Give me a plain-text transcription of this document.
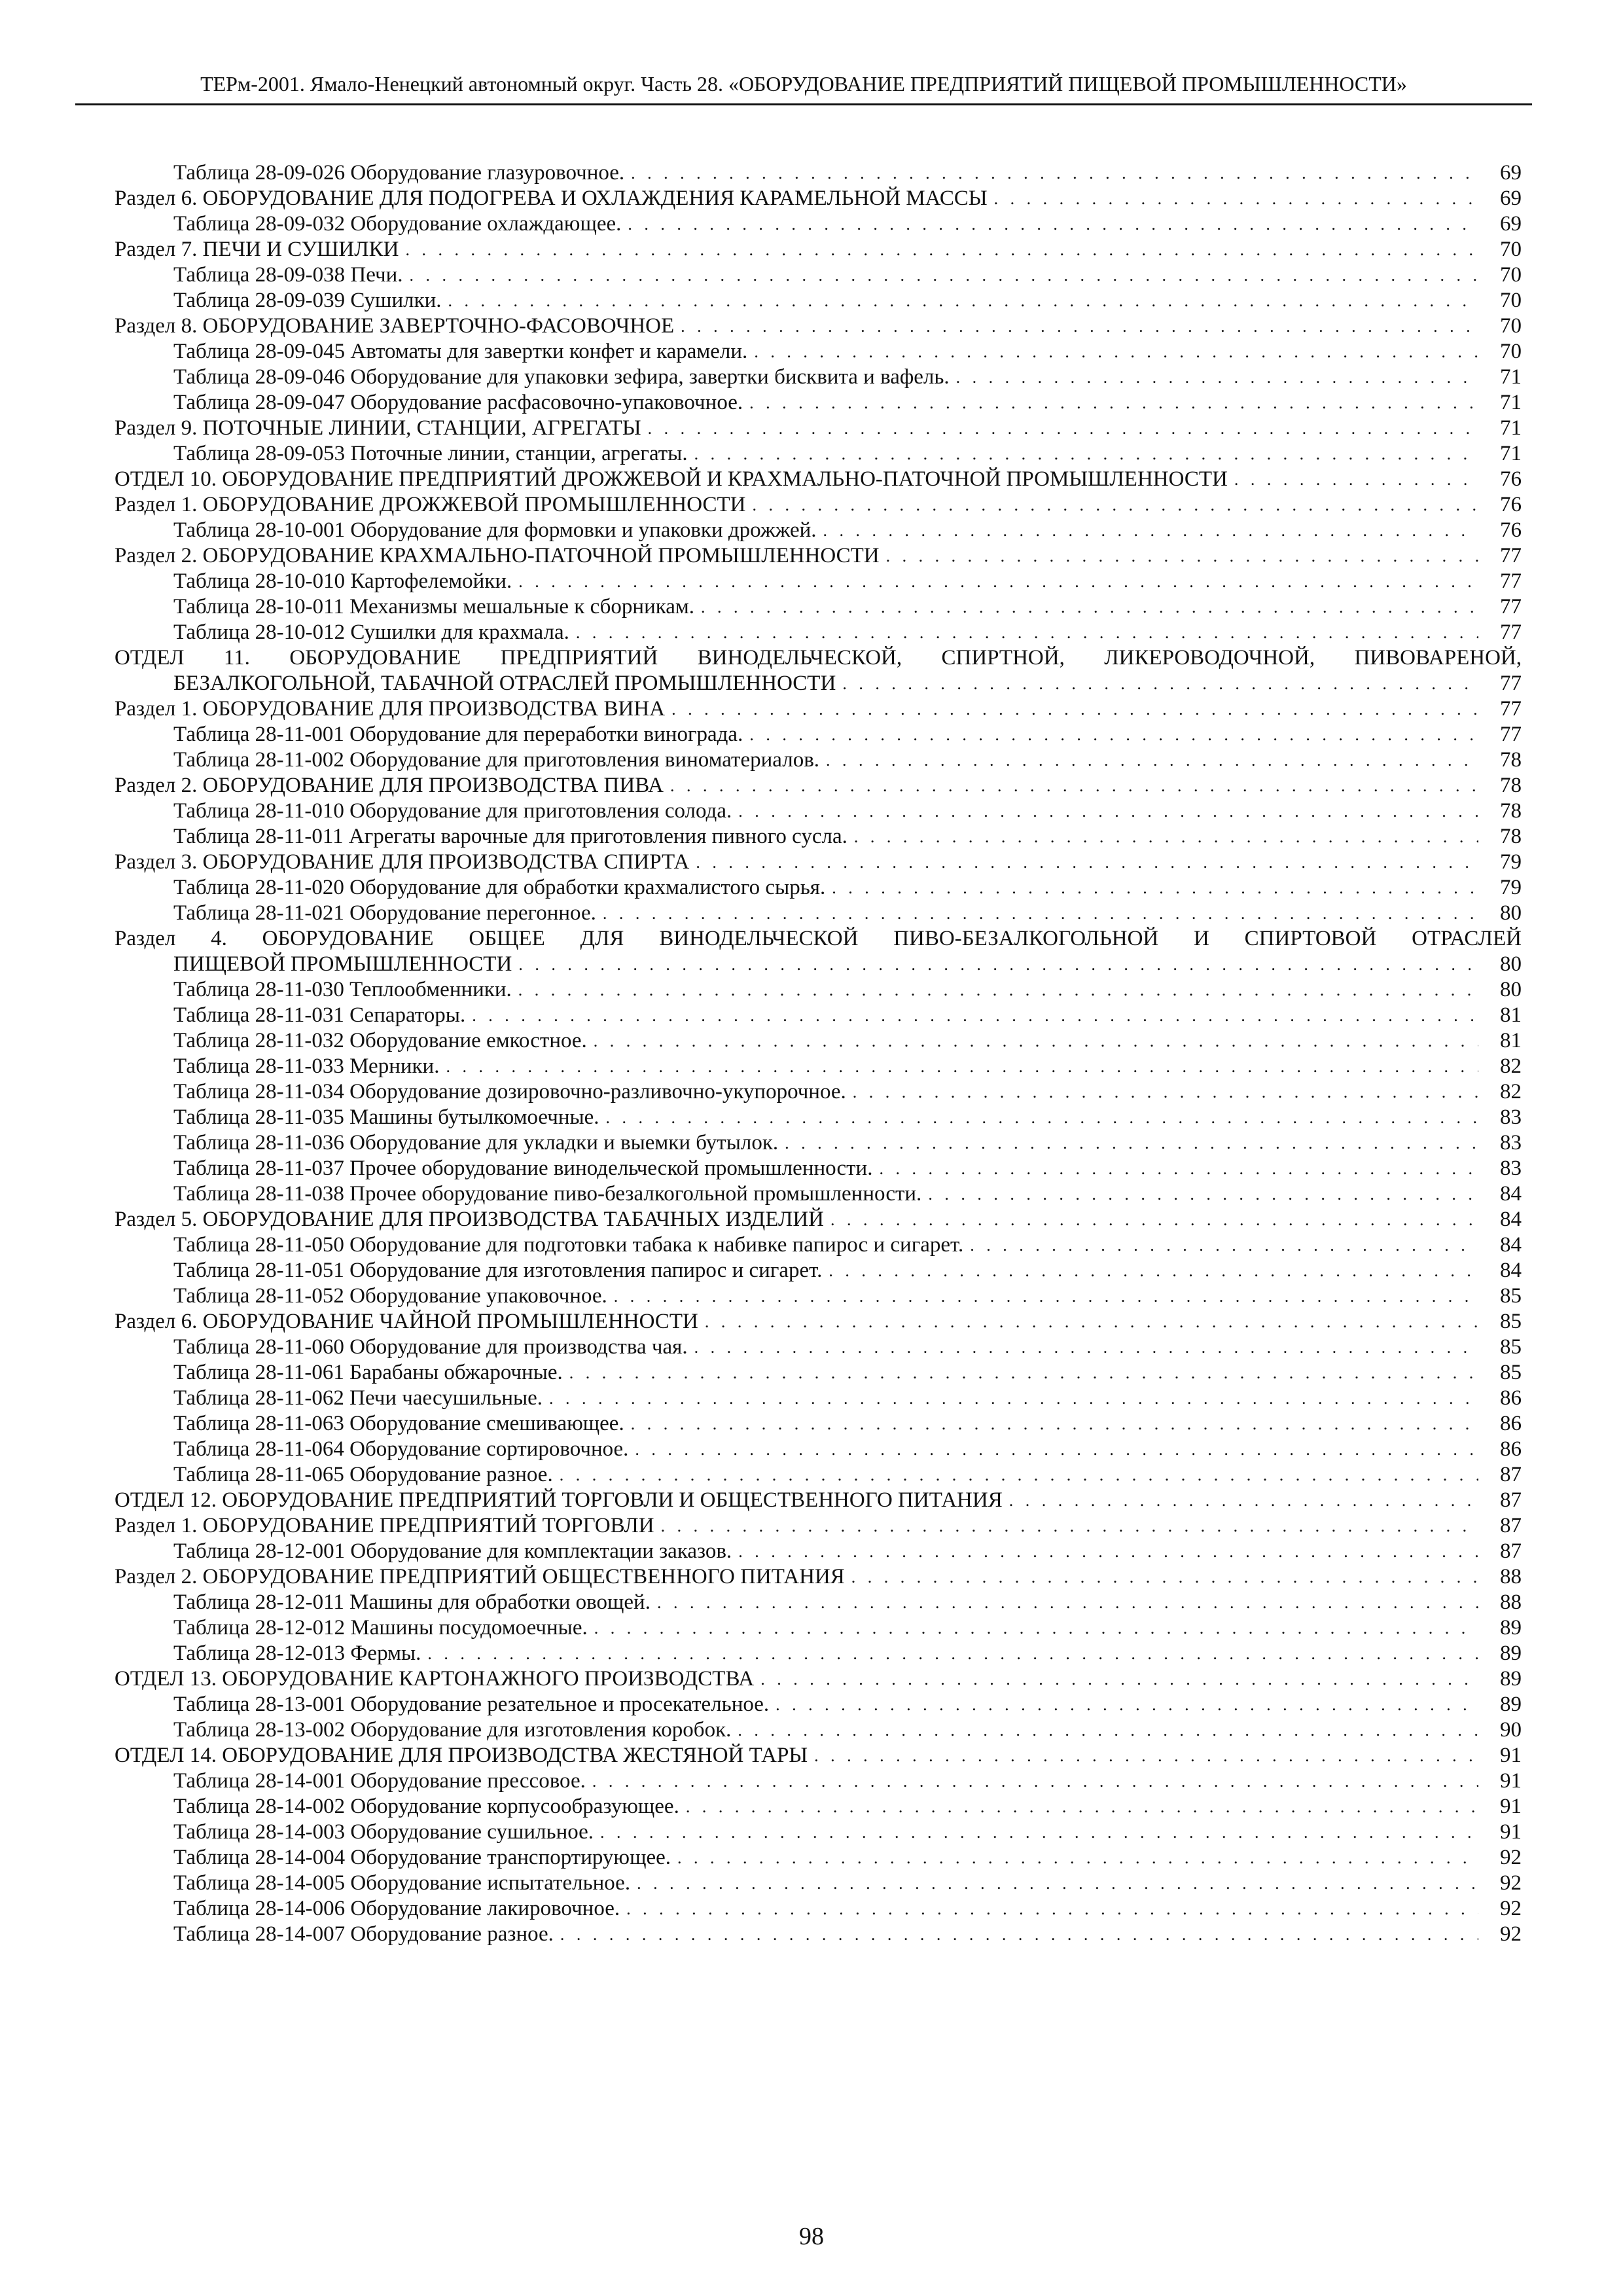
ТЕРм-2001. Ямало-Ненецкий автономный округ. Часть 28. «ОБОРУДОВАНИЕ ПРЕДПРИЯТИЙ ПИЩЕВОЙ ПРОМЫШЛЕННОСТИ»
Таблица 28-09-026 Оборудование глазуровочное. . . .	69
Раздел 6. ОБОРУДОВАНИЕ ДЛЯ ПОДОГРЕВА И ОХЛАЖДЕНИЯ КАРАМЕЛЬНОЙ МАССЫ . . .	69
Таблица 28-09-032 Оборудование охлаждающее. . . .	69
Раздел 7. ПЕЧИ И СУШИЛКИ . . .	70
Таблица 28-09-038 Печи. . . .	70
Таблица 28-09-039 Сушилки. . . .	70
Раздел 8. ОБОРУДОВАНИЕ ЗАВЕРТОЧНО-ФАСОВОЧНОЕ . . .	70
Таблица 28-09-045 Автоматы для завертки конфет и карамели. . . .	70
Таблица 28-09-046 Оборудование для упаковки зефира, завертки бисквита и вафель. . . .	71
Таблица 28-09-047 Оборудование расфасовочно-упаковочное. . . .	71
Раздел 9. ПОТОЧНЫЕ ЛИНИИ, СТАНЦИИ, АГРЕГАТЫ . . .	71
Таблица 28-09-053 Поточные линии, станции, агрегаты. . . .	71
ОТДЕЛ 10. ОБОРУДОВАНИЕ ПРЕДПРИЯТИЙ ДРОЖЖЕВОЙ И КРАХМАЛЬНО-ПАТОЧНОЙ ПРОМЫШЛЕННОСТИ . . .	76
Раздел 1. ОБОРУДОВАНИЕ ДРОЖЖЕВОЙ ПРОМЫШЛЕННОСТИ . . .	76
Таблица 28-10-001 Оборудование для формовки и упаковки дрожжей. . . .	76
Раздел 2. ОБОРУДОВАНИЕ КРАХМАЛЬНО-ПАТОЧНОЙ ПРОМЫШЛЕННОСТИ . . .	77
Таблица 28-10-010 Картофелемойки. . . .	77
Таблица 28-10-011 Механизмы мешальные к сборникам. . . .	77
Таблица 28-10-012 Сушилки для крахмала. . . .	77
ОТДЕЛ 11. ОБОРУДОВАНИЕ ПРЕДПРИЯТИЙ ВИНОДЕЛЬЧЕСКОЙ, СПИРТНОЙ, ЛИКЕРОВОДОЧНОЙ, ПИВОВАРЕНОЙ,
БЕЗАЛКОГОЛЬНОЙ, ТАБАЧНОЙ ОТРАСЛЕЙ ПРОМЫШЛЕННОСТИ . . .	77
Раздел 1. ОБОРУДОВАНИЕ ДЛЯ ПРОИЗВОДСТВА ВИНА . . .	77
Таблица 28-11-001 Оборудование для переработки винограда. . . .	77
Таблица 28-11-002 Оборудование для приготовления виноматериалов. . . .	78
Раздел 2. ОБОРУДОВАНИЕ ДЛЯ ПРОИЗВОДСТВА ПИВА . . .	78
Таблица 28-11-010 Оборудование для приготовления солода. . . .	78
Таблица 28-11-011 Агрегаты варочные для приготовления пивного сусла. . . .	78
Раздел 3. ОБОРУДОВАНИЕ ДЛЯ ПРОИЗВОДСТВА СПИРТА . . .	79
Таблица 28-11-020 Оборудование для обработки крахмалистого сырья. . . .	79
Таблица 28-11-021 Оборудование перегонное. . . .	80
Раздел 4. ОБОРУДОВАНИЕ ОБЩЕЕ ДЛЯ ВИНОДЕЛЬЧЕСКОЙ ПИВО-БЕЗАЛКОГОЛЬНОЙ И СПИРТОВОЙ ОТРАСЛЕЙ
ПИЩЕВОЙ ПРОМЫШЛЕННОСТИ . . .	80
Таблица 28-11-030 Теплообменники. . . .	80
Таблица 28-11-031 Сепараторы. . . .	81
Таблица 28-11-032 Оборудование емкостное. . . .	81
Таблица 28-11-033 Мерники. . . .	82
Таблица 28-11-034 Оборудование дозировочно-разливочно-укупорочное. . . .	82
Таблица 28-11-035 Машины бутылкомоечные. . . .	83
Таблица 28-11-036 Оборудование для укладки и выемки бутылок. . . .	83
Таблица 28-11-037 Прочее оборудование винодельческой промышленности. . . .	83
Таблица 28-11-038 Прочее оборудование пиво-безалкогольной промышленности. . . .	84
Раздел 5. ОБОРУДОВАНИЕ ДЛЯ ПРОИЗВОДСТВА ТАБАЧНЫХ ИЗДЕЛИЙ . . .	84
Таблица 28-11-050 Оборудование для подготовки табака к набивке папирос и сигарет. . . .	84
Таблица 28-11-051 Оборудование для изготовления папирос и сигарет. . . .	84
Таблица 28-11-052 Оборудование упаковочное. . . .	85
Раздел 6. ОБОРУДОВАНИЕ ЧАЙНОЙ ПРОМЫШЛЕННОСТИ . . .	85
Таблица 28-11-060 Оборудование для производства чая. . . .	85
Таблица 28-11-061 Барабаны обжарочные. . . .	85
Таблица 28-11-062 Печи чаесушильные. . . .	86
Таблица 28-11-063 Оборудование смешивающее. . . .	86
Таблица 28-11-064 Оборудование сортировочное. . . .	86
Таблица 28-11-065 Оборудование разное. . . .	87
ОТДЕЛ 12. ОБОРУДОВАНИЕ ПРЕДПРИЯТИЙ ТОРГОВЛИ И ОБЩЕСТВЕННОГО ПИТАНИЯ . . .	87
Раздел 1. ОБОРУДОВАНИЕ ПРЕДПРИЯТИЙ ТОРГОВЛИ . . .	87
Таблица 28-12-001 Оборудование для комплектации заказов. . . .	87
Раздел 2. ОБОРУДОВАНИЕ ПРЕДПРИЯТИЙ ОБЩЕСТВЕННОГО ПИТАНИЯ . . .	88
Таблица 28-12-011 Машины для обработки овощей. . . .	88
Таблица 28-12-012 Машины посудомоечные. . . .	89
Таблица 28-12-013 Фермы. . . .	89
ОТДЕЛ 13. ОБОРУДОВАНИЕ КАРТОНАЖНОГО ПРОИЗВОДСТВА . . .	89
Таблица 28-13-001 Оборудование резательное и просекательное. . . .	89
Таблица 28-13-002 Оборудование для изготовления коробок. . . .	90
ОТДЕЛ 14. ОБОРУДОВАНИЕ ДЛЯ ПРОИЗВОДСТВА ЖЕСТЯНОЙ ТАРЫ . . .	91
Таблица 28-14-001 Оборудование прессовое. . . .	91
Таблица 28-14-002 Оборудование корпусообразующее. . . .	91
Таблица 28-14-003 Оборудование сушильное. . . .	91
Таблица 28-14-004 Оборудование транспортирующее. . . .	92
Таблица 28-14-005 Оборудование испытательное. . . .	92
Таблица 28-14-006 Оборудование лакировочное. . . .	92
Таблица 28-14-007 Оборудование разное. . . .	92
98
